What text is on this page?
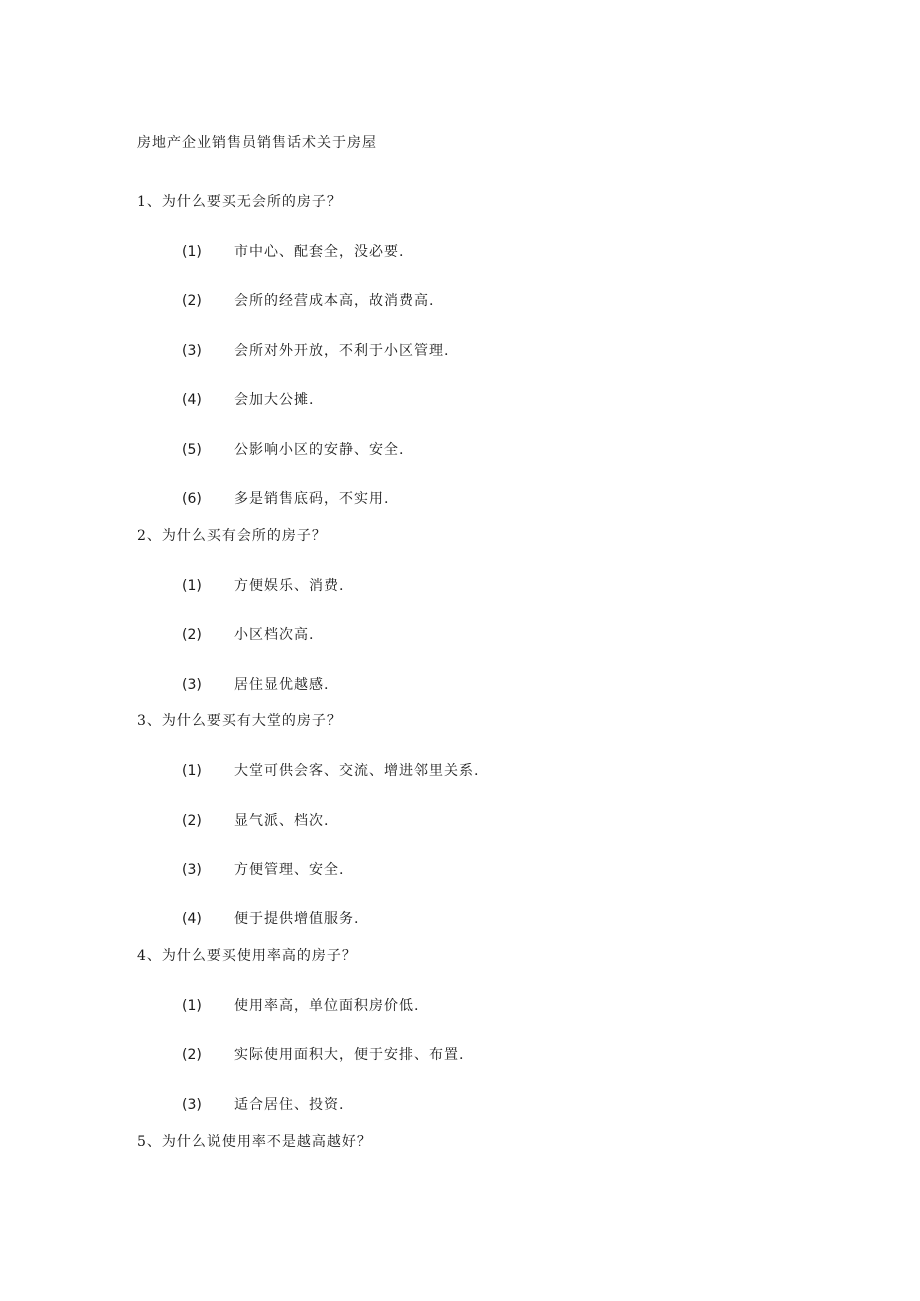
房地产企业销售员销售话术关于房屋
1、为什么要买无会所的房子？
(1) 市中心、配套全，没必要.
(2) 会所的经营成本高，故消费高.
(3) 会所对外开放，不利于小区管理.
(4) 会加大公摊.
(5) 公影响小区的安静、安全.
(6) 多是销售底码，不实用.
2、为什么买有会所的房子？
(1) 方便娱乐、消费.
(2) 小区档次高.
(3) 居住显优越感.
3、为什么要买有大堂的房子？
(1) 大堂可供会客、交流、增进邻里关系.
(2) 显气派、档次.
(3) 方便管理、安全.
(4) 便于提供增值服务.
4、为什么要买使用率高的房子？
(1) 使用率高，单位面积房价低.
(2) 实际使用面积大，便于安排、布置.
(3) 适合居住、投资.
5、为什么说使用率不是越高越好？
